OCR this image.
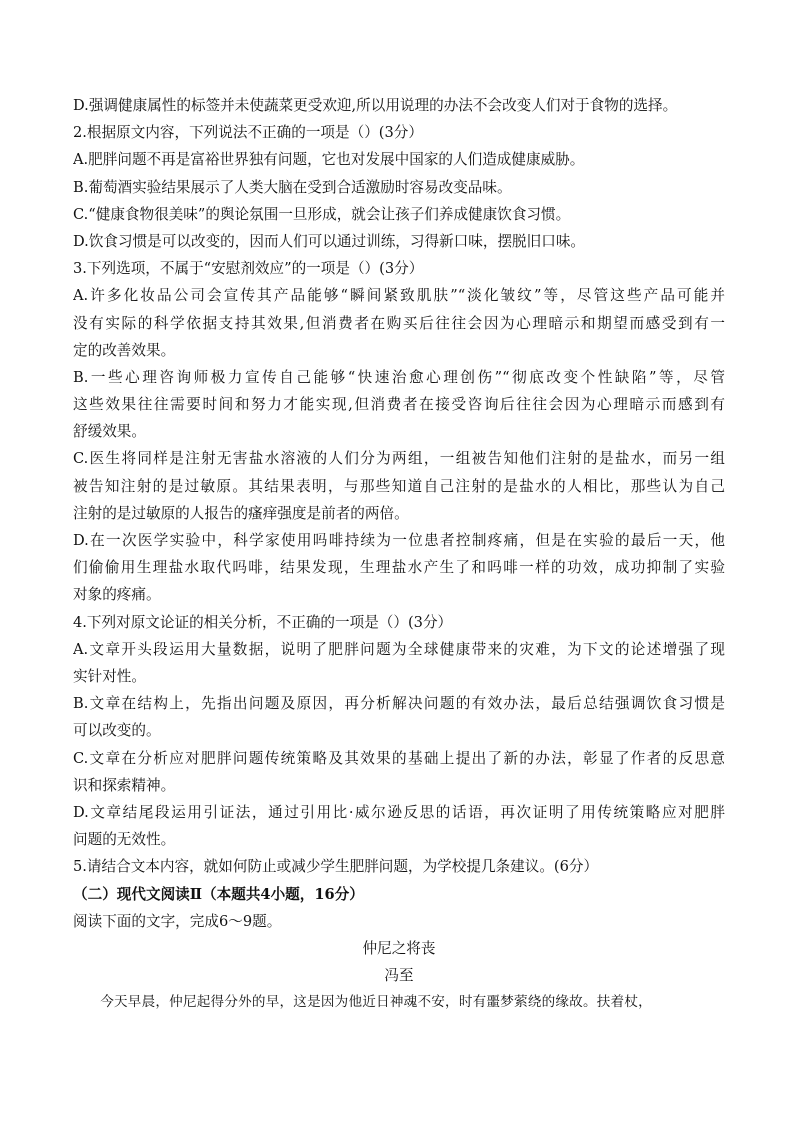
D.强调健康属性的标签并未使蔬菜更受欢迎,所以用说理的办法不会改变人们对于食物的选择。
2.根据原文内容，下列说法不正确的一项是（）(3分）
A.肥胖问题不再是富裕世界独有问题，它也对发展中国家的人们造成健康威胁。
B.葡萄酒实验结果展示了人类大脑在受到合适激励时容易改变品味。
C.“健康食物很美味”的舆论氛围一旦形成，就会让孩子们养成健康饮食习惯。
D.饮食习惯是可以改变的，因而人们可以通过训练，习得新口味，摆脱旧口味。
3.下列选项，不属于“安慰剂效应”的一项是（）(3分）
A.许多化妆品公司会宣传其产品能够“瞬间紧致肌肤”“淡化皱纹”等，尽管这些产品可能并
没有实际的科学依据支持其效果,但消费者在购买后往往会因为心理暗示和期望而感受到有一
定的改善效果。
B.一些心理咨询师极力宣传自己能够“快速治愈心理创伤”“彻底改变个性缺陷”等，尽管
这些效果往往需要时间和努力才能实现,但消费者在接受咨询后往往会因为心理暗示而感到有
舒缓效果。
C.医生将同样是注射无害盐水溶液的人们分为两组，一组被告知他们注射的是盐水，而另一组
被告知注射的是过敏原。其结果表明，与那些知道自己注射的是盐水的人相比，那些认为自己
注射的是过敏原的人报告的瘙痒强度是前者的两倍。
D.在一次医学实验中，科学家使用吗啡持续为一位患者控制疼痛，但是在实验的最后一天，他
们偷偷用生理盐水取代吗啡，结果发现，生理盐水产生了和吗啡一样的功效，成功抑制了实验
对象的疼痛。
4.下列对原文论证的相关分析，不正确的一项是（）(3分）
A.文章开头段运用大量数据，说明了肥胖问题为全球健康带来的灾难，为下文的论述增强了现
实针对性。
B.文章在结构上，先指出问题及原因，再分析解决问题的有效办法，最后总结强调饮食习惯是
可以改变的。
C.文章在分析应对肥胖问题传统策略及其效果的基础上提出了新的办法，彰显了作者的反思意
识和探索精神。
D.文章结尾段运用引证法，通过引用比·威尔逊反思的话语，再次证明了用传统策略应对肥胖
问题的无效性。
5.请结合文本内容，就如何防止或减少学生肥胖问题，为学校提几条建议。(6分）
（二）现代文阅读Ⅱ（本题共4小题，16分）
阅读下面的文字，完成6～9题。
仲尼之将丧
冯至
今天早晨，仲尼起得分外的早，这是因为他近日神魂不安，时有噩梦萦绕的缘故。扶着杖，
